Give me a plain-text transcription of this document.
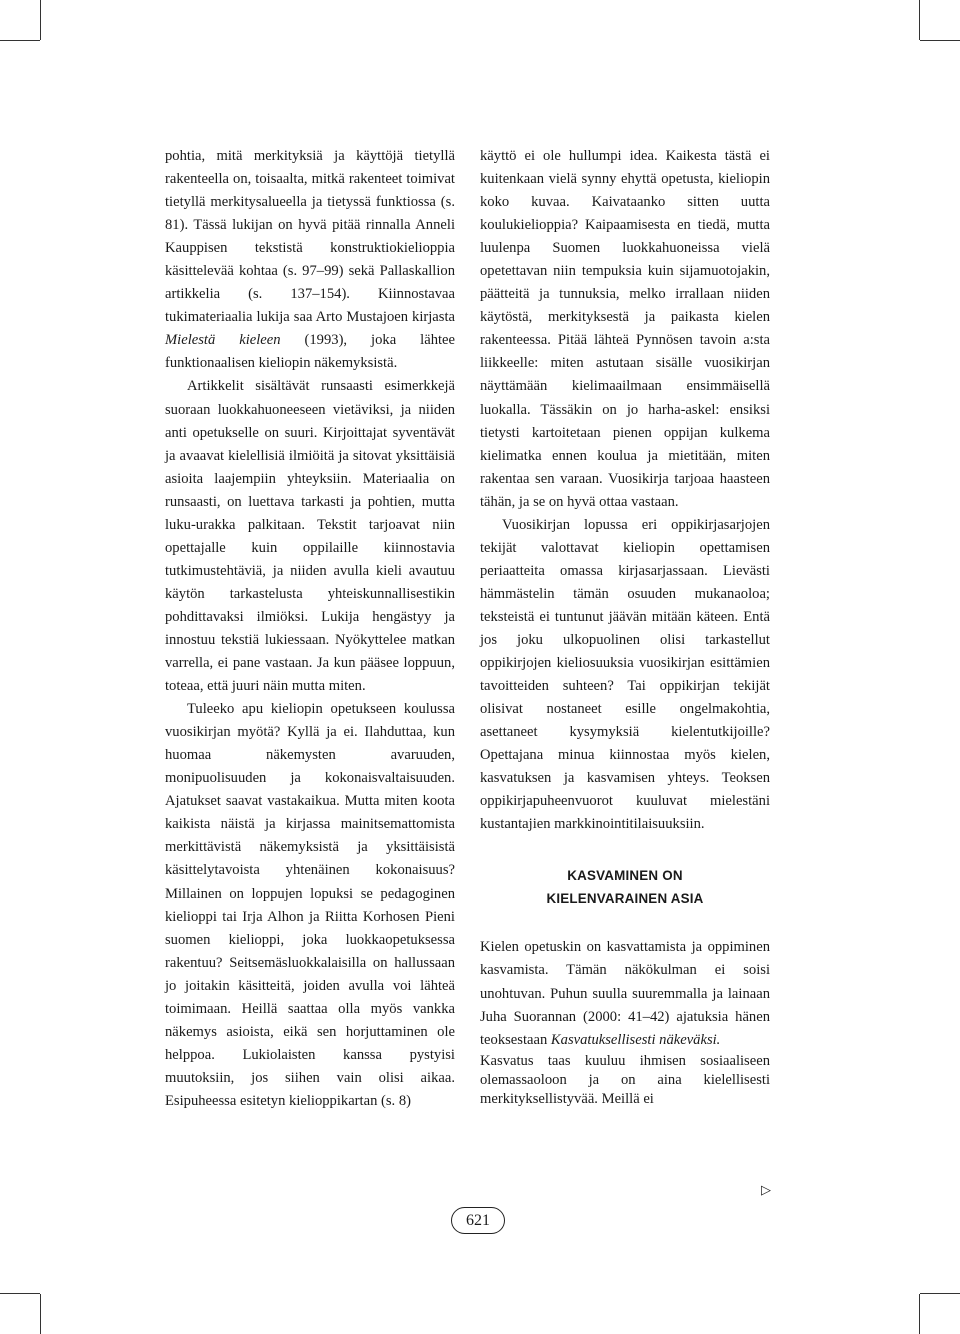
pohtia, mitä merkityksiä ja käyttöjä tietyllä rakenteella on, toisaalta, mitkä rakenteet toimivat tietyllä merkitysalueella ja tietyssä funktiossa (s. 81). Tässä lukijan on hyvä pitää rinnalla Anneli Kauppisen tekstistä konstruktiokielioppia käsittelevää kohtaa (s. 97–99) sekä Pallaskallion artikkelia (s. 137–154). Kiinnostavaa tukimateriaalia lukija saa Arto Mustajoen kirjasta Mielestä kieleen (1993), joka lähtee funktionaalisen kieliopin näkemyksistä.

Artikkelit sisältävät runsaasti esimerkkejä suoraan luokkahuoneeseen vietäviksi, ja niiden anti opetukselle on suuri. Kirjoittajat syventävät ja avaavat kielellisiä ilmiöitä ja sitovat yksittäisiä asioita laajempiin yhteyksiin. Materiaalia on runsaasti, on luettava tarkasti ja pohtien, mutta luku-urakka palkitaan. Tekstit tarjoavat niin opettajalle kuin oppilaille kiinnostavia tutkimustehtäviä, ja niiden avulla kieli avautuu käytön tarkastelusta yhteiskunnallisestikin pohdittavaksi ilmiöksi. Lukija hengästyy ja innostuu tekstiä lukiessaan. Nyökyttelee matkan varrella, ei pane vastaan. Ja kun pääsee loppuun, toteaa, että juuri näin mutta miten.

Tuleeko apu kieliopin opetukseen koulussa vuosikirjan myötä? Kyllä ja ei. Ilahduttaa, kun huomaa näkemysten avaruuden, monipuolisuuden ja kokonaisvaltaisuuden. Ajatukset saavat vastakaikua. Mutta miten koota kaikista näistä ja kirjassa mainitsemattomista merkittävistä näkemyksistä ja yksittäisistä käsittelytavoista yhtenäinen kokonaisuus? Millainen on loppujen lopuksi se pedagoginen kielioppi tai Irja Alhon ja Riitta Korhosen Pieni suomen kielioppi, joka luokkaopetuksessa rakentuu? Seitsemäsluokkalaisilla on hallussaan jo joitakin käsitteitä, joiden avulla voi lähteä toimimaan. Heillä saattaa olla myös vankka näkemys asioista, eikä sen horjuttaminen ole helppoa. Lukiolaisten kanssa pystyisi muutoksiin, jos siihen vain olisi aikaa. Esipuheessa esitetyn kielioppikartan (s. 8)

käyttö ei ole hullumpi idea. Kaikesta tästä ei kuitenkaan vielä synny ehyttä opetusta, kieliopin koko kuvaa. Kaivataanko sitten uutta koulukielioppia? Kaipaamisesta en tiedä, mutta luulenpa Suomen luokkahuoneissa vielä opetettavan niin tempuksia kuin sijamuotojakin, päätteitä ja tunnuksia, melko irrallaan niiden käytöstä, merkityksestä ja paikasta kielen rakenteessa. Pitää lähteä Pynnösen tavoin a:sta liikkeelle: miten astutaan sisälle vuosikirjan näyttämään kielimaailmaan ensimmäisellä luokalla. Tässäkin on jo harha-askel: ensiksi tietysti kartoitetaan pienen oppijan kulkema kielimatka ennen koulua ja mietitään, miten rakentaa sen varaan. Vuosikirja tarjoaa haasteen tähän, ja se on hyvä ottaa vastaan.

Vuosikirjan lopussa eri oppikirjasarjojen tekijät valottavat kieliopin opettamisen periaatteita omassa kirjasarjassaan. Lievästi hämmästelin tämän osuuden mukanaoloa; teksteistä ei tuntunut jäävän mitään käteen. Entä jos joku ulkopuolinen olisi tarkastellut oppikirjojen kieliosuuksia vuosikirjan esittämien tavoitteiden suhteen? Tai oppikirjan tekijät olisivat nostaneet esille ongelmakohtia, asettaneet kysymyksiä kielentutkijoille? Opettajana minua kiinnostaa myös kielen, kasvatuksen ja kasvamisen yhteys. Teoksen oppikirjapuheenvuorot kuuluvat mielestäni kustantajien markkinointitilaisuuksiin.

KASVAMINEN ON
KIELENVARAINEN ASIA

Kielen opetuskin on kasvattamista ja oppiminen kasvamista. Tämän näkökulman ei soisi unohtuvan. Puhun suulla suuremmalla ja lainaan Juha Suorannan (2000: 41–42) ajatuksia hänen teoksestaan Kasvatuksellisesti näkeväksi.

Kasvatus taas kuuluu ihmisen sosiaaliseen olemassaoloon ja on aina kielellisesti merkityksellistyvää. Meillä ei

▷
621
